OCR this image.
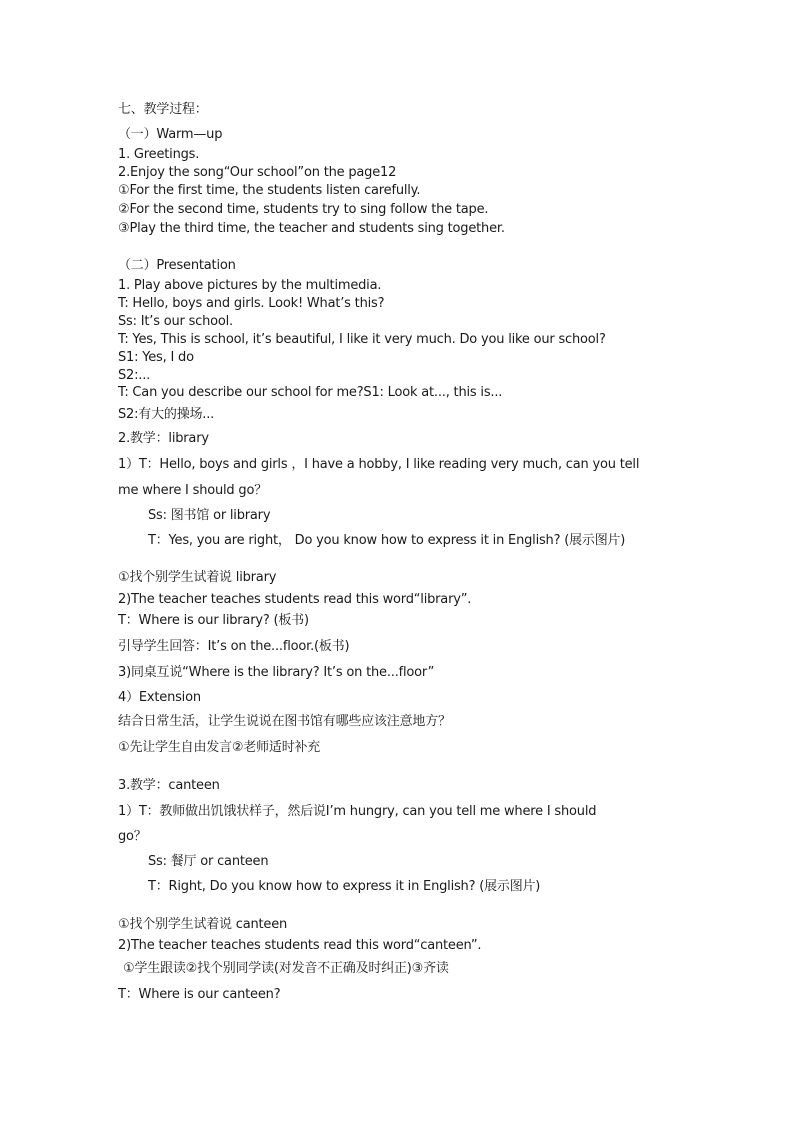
七、教学过程：
（一）Warm—up
1. Greetings.
2.Enjoy the song“Our school”on the page12
①For the first time, the students listen carefully.
②For the second time, students try to sing follow the tape.
③Play the third time, the teacher and students sing together.
（二）Presentation
1. Play above pictures by the multimedia.
T: Hello, boys and girls. Look! What’s this?
Ss: It’s our school.
T: Yes, This is school, it’s beautiful, I like it very much. Do you like our school?
S1: Yes, I do
S2:...
T: Can you describe our school for me?S1: Look at..., this is...
S2:有大的操场...
2.教学：library
1）T：Hello, boys and girls ，I have a hobby, I like reading very much, can you tell
me where I should go？
Ss: 图书馆 or library
T：Yes, you are right， Do you know how to express it in English? (展示图片)
①找个别学生试着说 library
2)The teacher teaches students read this word“library”.
T：Where is our library? (板书)
引导学生回答：It’s on the...floor.(板书)
3)同桌互说“Where is the library? It’s on the...floor”
4）Extension
结合日常生活，让学生说说在图书馆有哪些应该注意地方？
①先让学生自由发言②老师适时补充
3.教学：canteen
1）T：教师做出饥饿状样子，然后说I’m hungry, can you tell me where I should
go？
Ss: 餐厅 or canteen
T：Right, Do you know how to express it in English? (展示图片)
①找个别学生试着说 canteen
2)The teacher teaches students read this word“canteen”.
①学生跟读②找个别同学读(对发音不正确及时纠正)③齐读
T：Where is our canteen?
